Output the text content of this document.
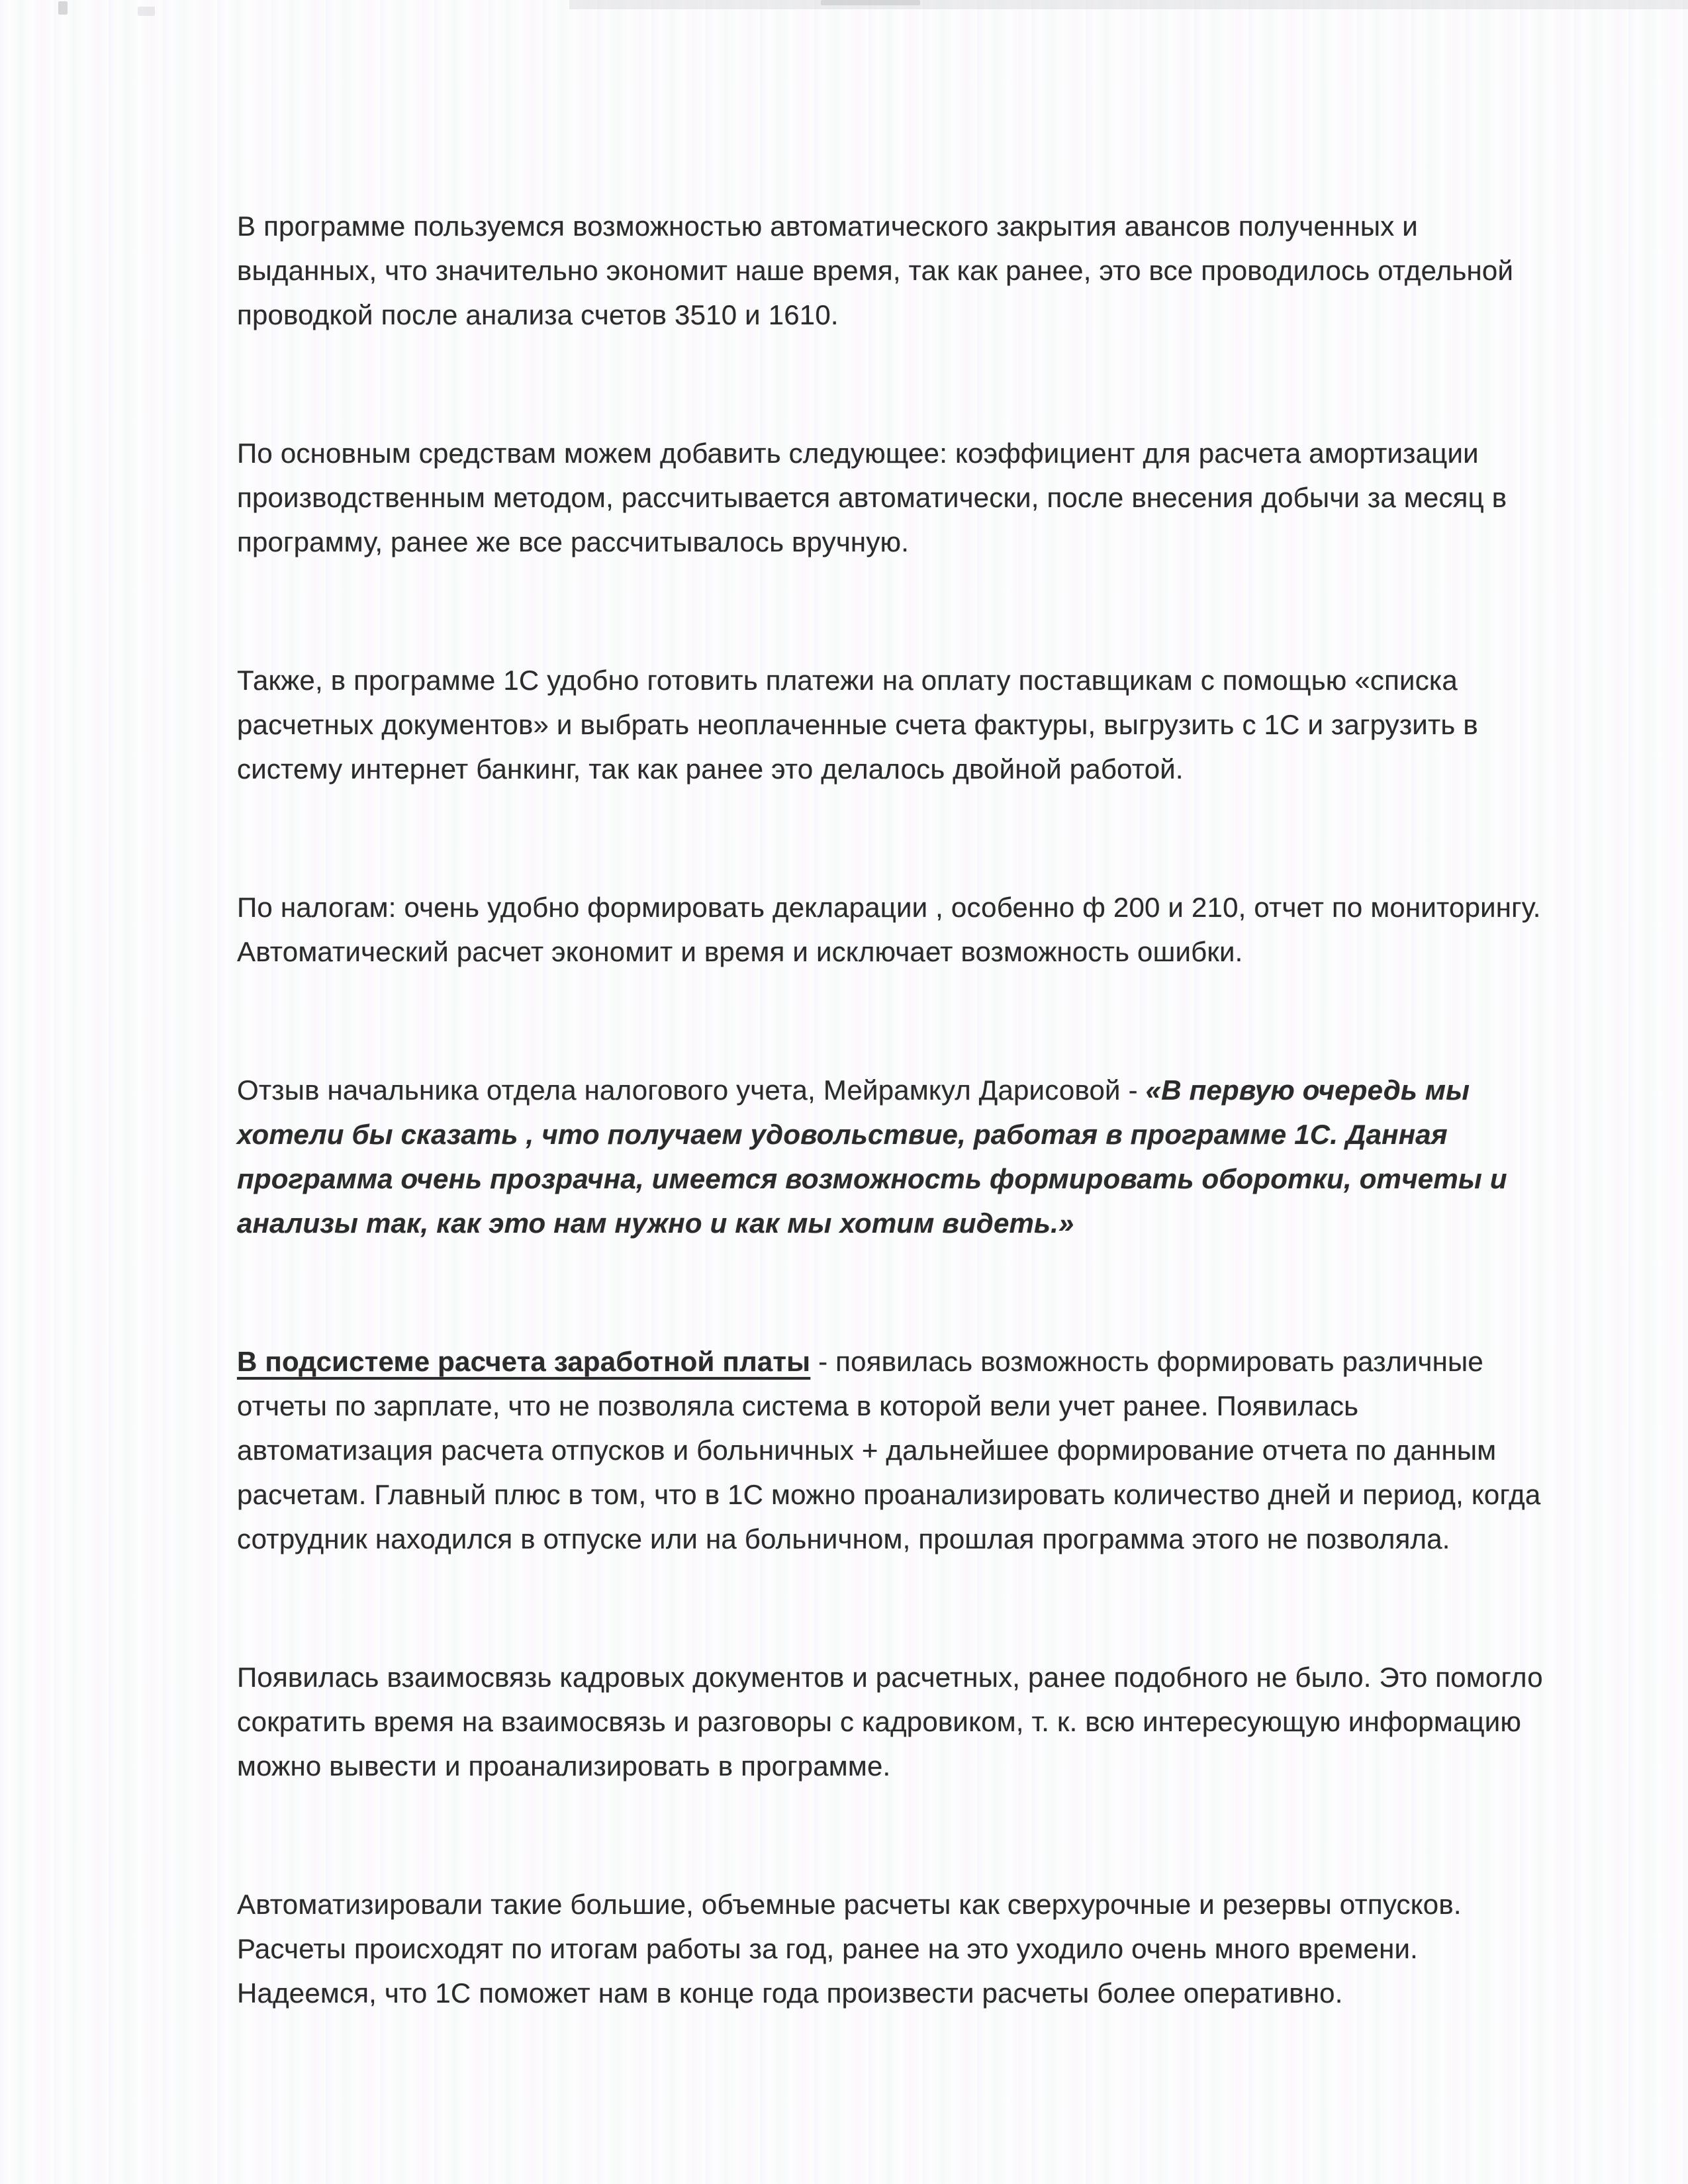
В программе пользуемся возможностью автоматического закрытия авансов полученных и выданных, что значительно экономит наше время, так как ранее, это все проводилось отдельной проводкой после анализа счетов 3510 и 1610.

По основным средствам можем добавить следующее: коэффициент для расчета амортизации производственным методом, рассчитывается автоматически, после внесения добычи за месяц в программу, ранее же все рассчитывалось вручную.

Также, в программе 1С удобно готовить платежи на оплату поставщикам с помощью «списка расчетных документов» и выбрать неоплаченные счета фактуры, выгрузить с 1С и загрузить в систему интернет банкинг, так как ранее это делалось двойной работой.

По налогам: очень удобно формировать декларации , особенно ф 200 и 210, отчет по мониторингу. Автоматический расчет экономит и время и исключает возможность ошибки.

Отзыв начальника отдела налогового учета, Мейрамкул Дарисовой - «В первую очередь мы хотели бы сказать , что получаем удовольствие, работая в программе 1С. Данная программа очень прозрачна, имеется возможность формировать оборотки, отчеты и анализы так, как это нам нужно и как мы хотим видеть.»

В подсистеме расчета заработной платы - появилась возможность формировать различные отчеты по зарплате, что не позволяла система в которой вели учет ранее. Появилась автоматизация расчета отпусков и больничных + дальнейшее формирование отчета по данным расчетам. Главный плюс в том, что в 1С можно проанализировать количество дней и период, когда сотрудник находился в отпуске или на больничном, прошлая программа этого не позволяла.

Появилась взаимосвязь кадровых документов и расчетных, ранее подобного не было. Это помогло сократить время на взаимосвязь и разговоры с кадровиком, т. к. всю интересующую информацию можно вывести и проанализировать в программе.

Автоматизировали такие большие, объемные расчеты как сверхурочные и резервы отпусков. Расчеты происходят по итогам работы за год, ранее на это уходило очень много времени. Надеемся, что 1С поможет нам в конце года произвести расчеты более оперативно.
